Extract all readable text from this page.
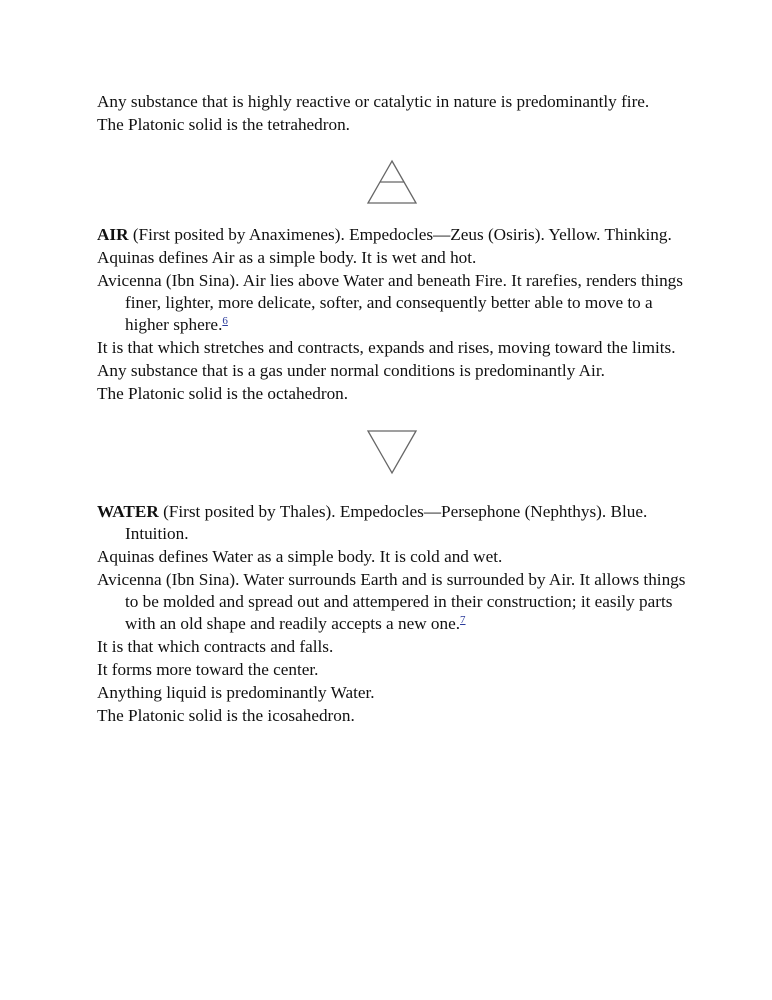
Any substance that is highly reactive or catalytic in nature is predominantly fire.

The Platonic solid is the tetrahedron.

AIR (First posited by Anaximenes). Empedocles—Zeus (Osiris). Yellow. Thinking.

Aquinas defines Air as a simple body. It is wet and hot.

Avicenna (Ibn Sina). Air lies above Water and beneath Fire. It rarefies, renders things finer, lighter, more delicate, softer, and consequently better able to move to a higher sphere.$^6$

It is that which stretches and contracts, expands and rises, moving toward the limits.

Any substance that is a gas under normal conditions is predominantly Air.

The Platonic solid is the octahedron.

WATER (First posited by Thales). Empedocles—Persephone (Nephthys). Blue. Intuition.

Aquinas defines Water as a simple body. It is cold and wet.

Avicenna (Ibn Sina). Water surrounds Earth and is surrounded by Air. It allows things to be molded and spread out and attempered in their construction; it easily parts with an old shape and readily accepts a new one.$^7$

It is that which contracts and falls.

It forms more toward the center.

Anything liquid is predominantly Water.

The Platonic solid is the icosahedron.
